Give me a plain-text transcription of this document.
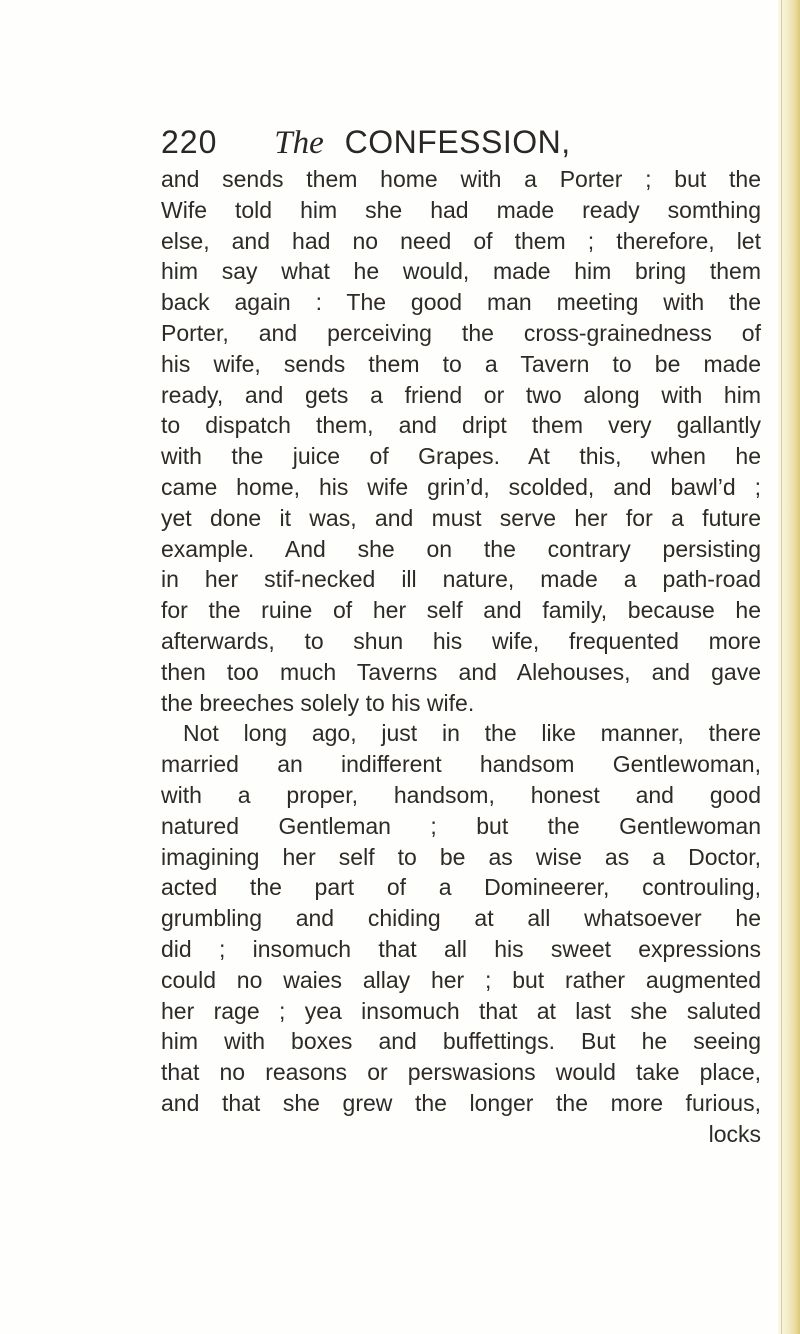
220 The CONFESSION,
and sends them home with a Porter ; but the
Wife told him she had made ready somthing
else, and had no need of them ; therefore, let
him say what he would, made him bring them
back again : The good man meeting with the
Porter, and perceiving the cross-grainedness of
his wife, sends them to a Tavern to be made
ready, and gets a friend or two along with him
to dispatch them, and dript them very gallantly
with the juice of Grapes. At this, when he
came home, his wife grin’d, scolded, and bawl’d ;
yet done it was, and must serve her for a future
example. And she on the contrary persisting
in her stif-necked ill nature, made a path-road
for the ruine of her self and family, because he
afterwards, to shun his wife, frequented more
then too much Taverns and Alehouses, and gave
the breeches solely to his wife.
Not long ago, just in the like manner, there
married an indifferent handsom Gentlewoman,
with a proper, handsom, honest and good
natured Gentleman ; but the Gentlewoman
imagining her self to be as wise as a Doctor,
acted the part of a Domineerer, controuling,
grumbling and chiding at all whatsoever he
did ; insomuch that all his sweet expressions
could no waies allay her ; but rather augmented
her rage ; yea insomuch that at last she saluted
him with boxes and buffettings. But he seeing
that no reasons or perswasions would take place,
and that she grew the longer the more furious,
locks
